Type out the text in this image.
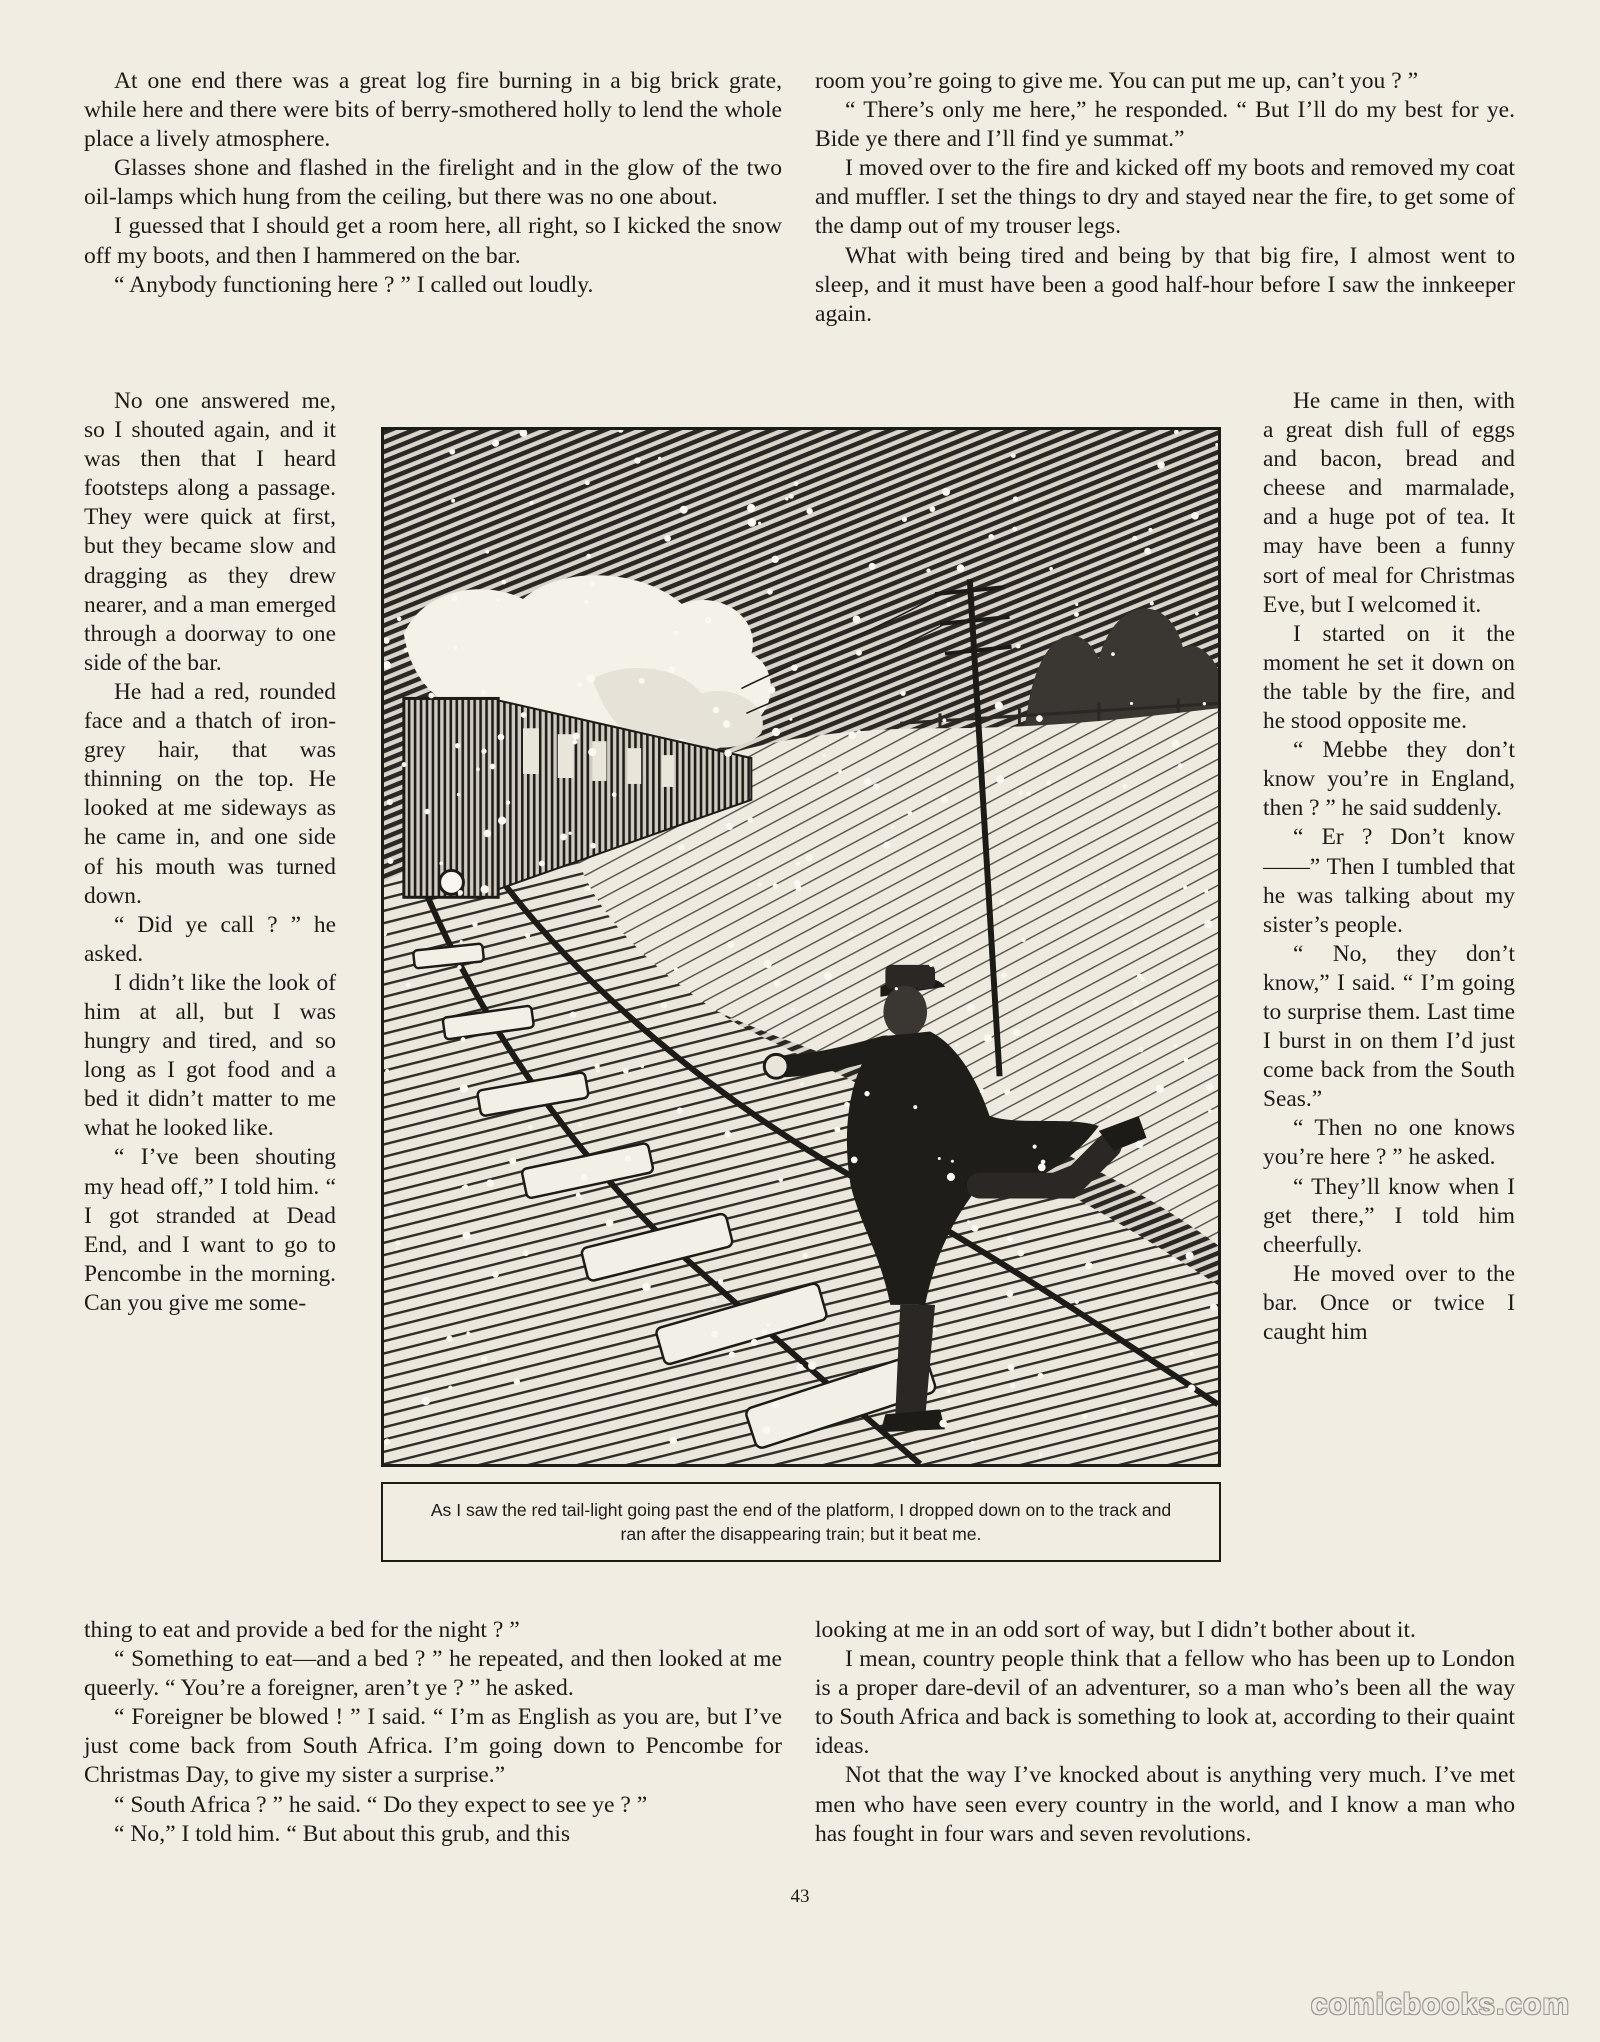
At one end there was a great log fire burning in a big brick grate, while here and there were bits of berry-smothered holly to lend the whole place a lively atmosphere.

Glasses shone and flashed in the firelight and in the glow of the two oil-lamps which hung from the ceiling, but there was no one about.

I guessed that I should get a room here, all right, so I kicked the snow off my boots, and then I hammered on the bar.

“ Anybody functioning here ? ” I called out loudly.

No one answered me, so I shouted again, and it was then that I heard footsteps along a passage. They were quick at first, but they became slow and dragging as they drew nearer, and a man emerged through a doorway to one side of the bar.

He had a red, rounded face and a thatch of iron-grey hair, that was thinning on the top. He looked at me sideways as he came in, and one side of his mouth was turned down.

“ Did ye call ? ” he asked.

I didn’t like the look of him at all, but I was hungry and tired, and so long as I got food and a bed it didn’t matter to me what he looked like.

“ I’ve been shouting my head off,” I told him. “ I got stranded at Dead End, and I want to go to Pencombe in the morning. Can you give me some-

thing to eat and provide a bed for the night ? ”

“ Something to eat—and a bed ? ” he repeated, and then looked at me queerly. “ You’re a foreigner, aren’t ye ? ” he asked.

“ Foreigner be blowed ! ” I said. “ I’m as English as you are, but I’ve just come back from South Africa. I’m going down to Pencombe for Christmas Day, to give my sister a surprise.”

“ South Africa ? ” he said. “ Do they expect to see ye ? ”

“ No,” I told him. “ But about this grub, and this

room you’re going to give me. You can put me up, can’t you ? ”

“ There’s only me here,” he responded. “ But I’ll do my best for ye. Bide ye there and I’ll find ye summat.”

I moved over to the fire and kicked off my boots and removed my coat and muffler. I set the things to dry and stayed near the fire, to get some of the damp out of my trouser legs.

What with being tired and being by that big fire, I almost went to sleep, and it must have been a good half-hour before I saw the innkeeper again.

He came in then, with a great dish full of eggs and bacon, bread and cheese and marmalade, and a huge pot of tea. It may have been a funny sort of meal for Christmas Eve, but I welcomed it.

I started on it the moment he set it down on the table by the fire, and he stood opposite me.

“ Mebbe they don’t know you’re in England, then ? ” he said suddenly.

“ Er ? Don’t know——” Then I tumbled that he was talking about my sister’s people.

“ No, they don’t know,” I said. “ I’m going to surprise them. Last time I burst in on them I’d just come back from the South Seas.”

“ Then no one knows you’re here ? ” he asked.

“ They’ll know when I get there,” I told him cheerfully.

He moved over to the bar. Once or twice I caught him

looking at me in an odd sort of way, but I didn’t bother about it.

I mean, country people think that a fellow who has been up to London is a proper dare-devil of an adventurer, so a man who’s been all the way to South Africa and back is something to look at, according to their quaint ideas.

Not that the way I’ve knocked about is anything very much. I’ve met men who have seen every country in the world, and I know a man who has fought in four wars and seven revolutions.

As I saw the red tail-light going past the end of the platform, I dropped down on to the track and ran after the disappearing train; but it beat me.
43
comicbooks.com
